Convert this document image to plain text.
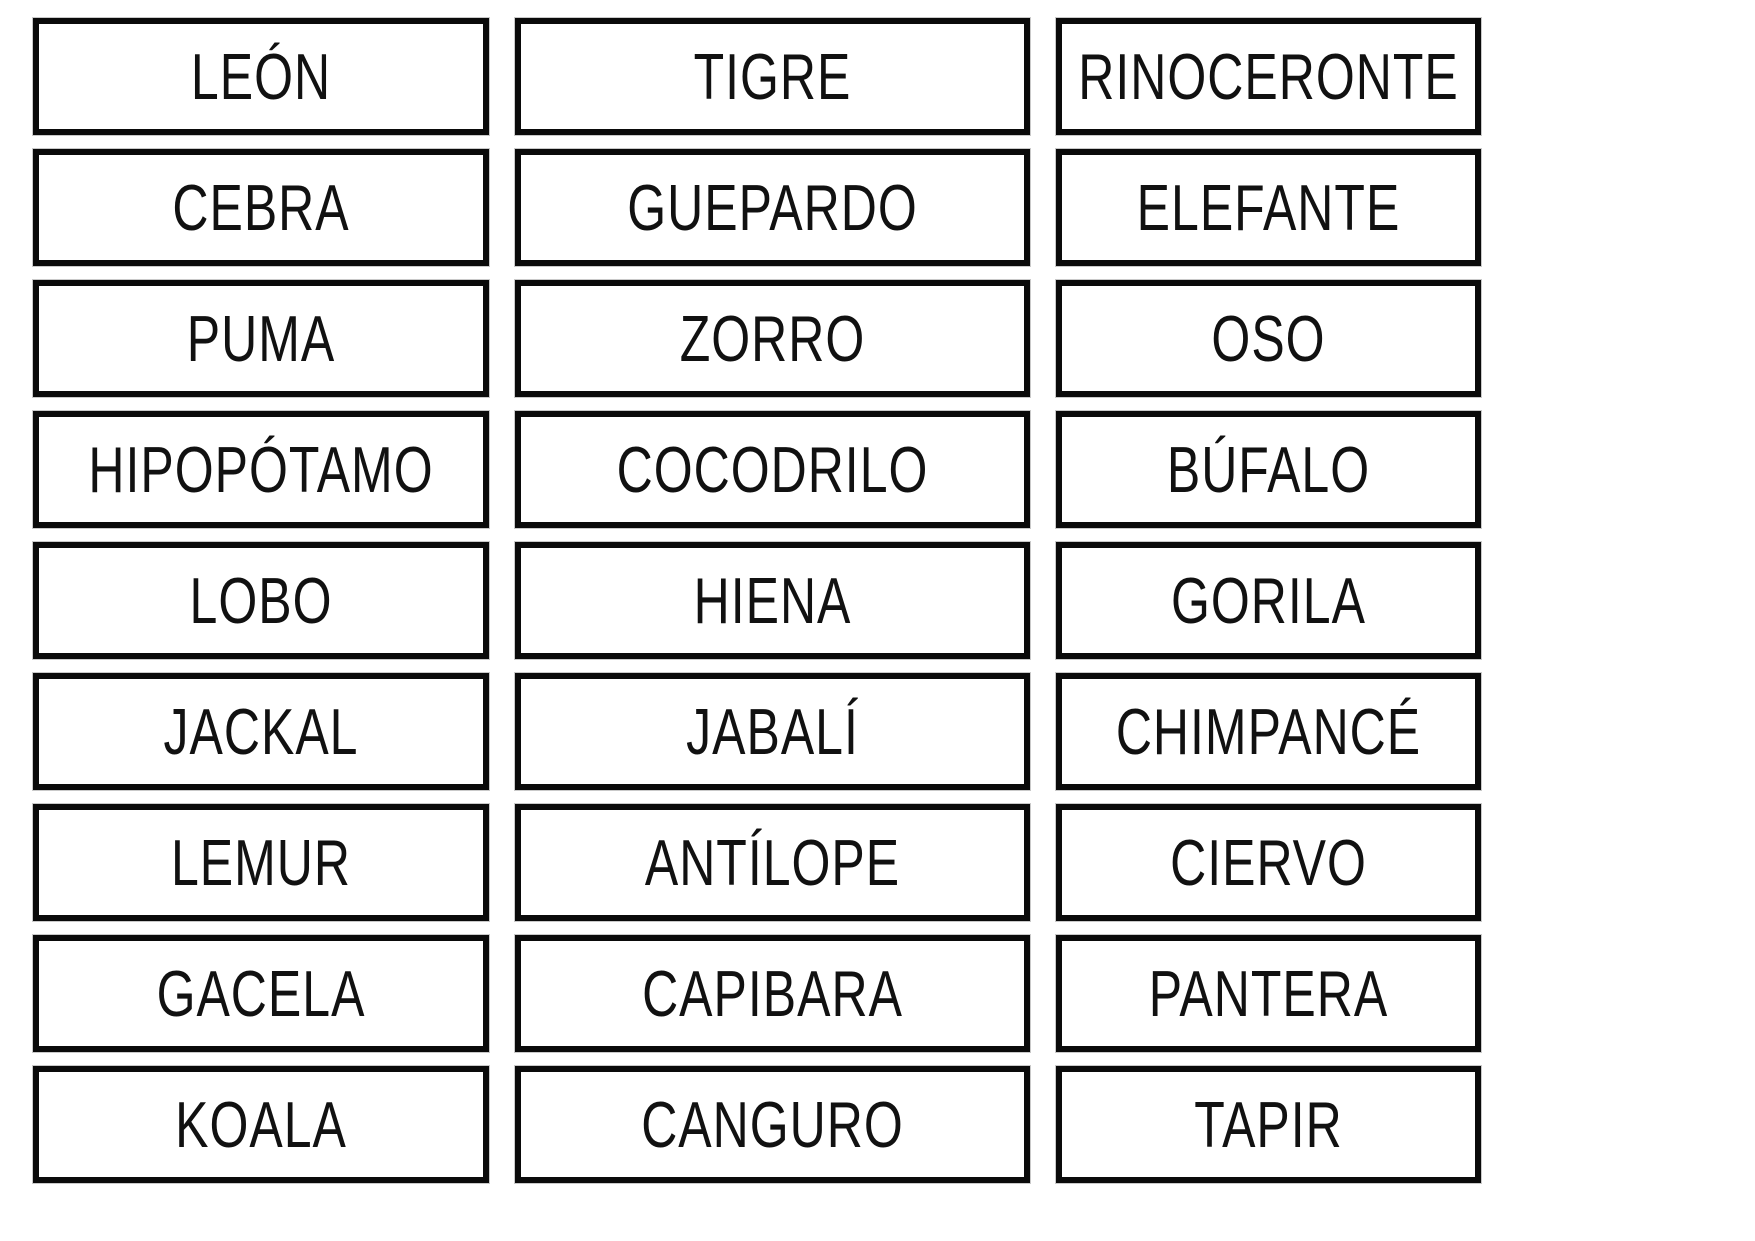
LEÓN	TIGRE	RINOCERONTE
CEBRA	GUEPARDO	ELEFANTE
PUMA	ZORRO	OSO
HIPOPÓTAMO	COCODRILO	BÚFALO
LOBO	HIENA	GORILA
JACKAL	JABALÍ	CHIMPANCÉ
LEMUR	ANTÍLOPE	CIERVO
GACELA	CAPIBARA	PANTERA
KOALA	CANGURO	TAPIR
